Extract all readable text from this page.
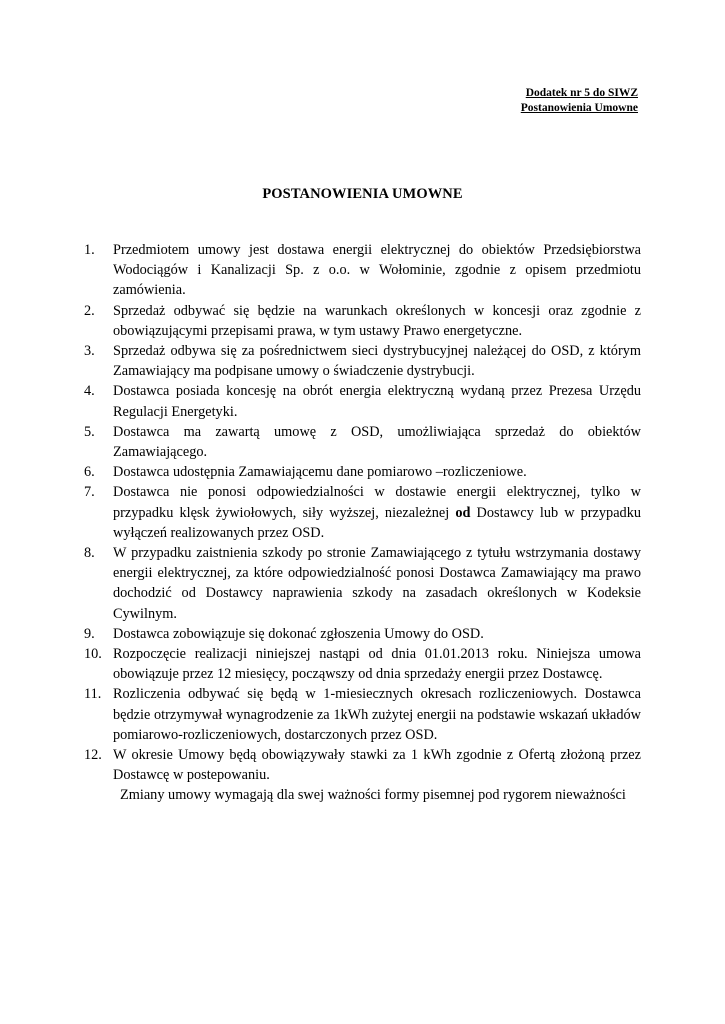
Dodatek nr 5 do SIWZ
Postanowienia Umowne
POSTANOWIENIA UMOWNE
1.	Przedmiotem umowy jest dostawa energii elektrycznej do obiektów Przedsiębiorstwa Wodociągów i Kanalizacji Sp. z o.o. w Wołominie, zgodnie z opisem przedmiotu zamówienia.
2.	Sprzedaż odbywać się będzie na warunkach określonych w koncesji oraz zgodnie z obowiązującymi przepisami prawa, w tym ustawy Prawo energetyczne.
3.	Sprzedaż odbywa się za pośrednictwem sieci dystrybucyjnej należącej do OSD, z którym Zamawiający ma podpisane umowy o świadczenie dystrybucji.
4.	Dostawca posiada koncesję na obrót energia elektryczną wydaną przez Prezesa Urzędu Regulacji Energetyki.
5.	Dostawca ma zawartą umowę z OSD, umożliwiająca sprzedaż do obiektów Zamawiającego.
6.	Dostawca udostępnia Zamawiającemu dane pomiarowo –rozliczeniowe.
7.	Dostawca nie ponosi odpowiedzialności w dostawie energii elektrycznej, tylko w przypadku klęsk żywiołowych, siły wyższej, niezależnej od Dostawcy lub w przypadku wyłączeń realizowanych przez OSD.
8.	W przypadku zaistnienia szkody po stronie Zamawiającego z tytułu wstrzymania dostawy energii elektrycznej, za które odpowiedzialność ponosi Dostawca Zamawiający ma prawo dochodzić od Dostawcy naprawienia szkody na zasadach określonych w Kodeksie Cywilnym.
9.	Dostawca zobowiązuje się dokonać zgłoszenia Umowy do OSD.
10. Rozpoczęcie realizacji niniejszej nastąpi od dnia 01.01.2013 roku. Niniejsza umowa obowiązuje przez 12 miesięcy, począwszy od dnia sprzedaży energii przez Dostawcę.
11. Rozliczenia odbywać się będą w 1-miesiecznych okresach rozliczeniowych. Dostawca będzie otrzymywał wynagrodzenie za 1kWh zużytej energii na podstawie wskazań układów pomiarowo-rozliczeniowych, dostarczonych przez OSD.
12. W okresie Umowy będą obowiązywały stawki za 1 kWh zgodnie z Ofertą złożoną przez Dostawcę w postepowaniu.

Zmiany umowy wymagają dla swej ważności formy pisemnej pod rygorem nieważności
